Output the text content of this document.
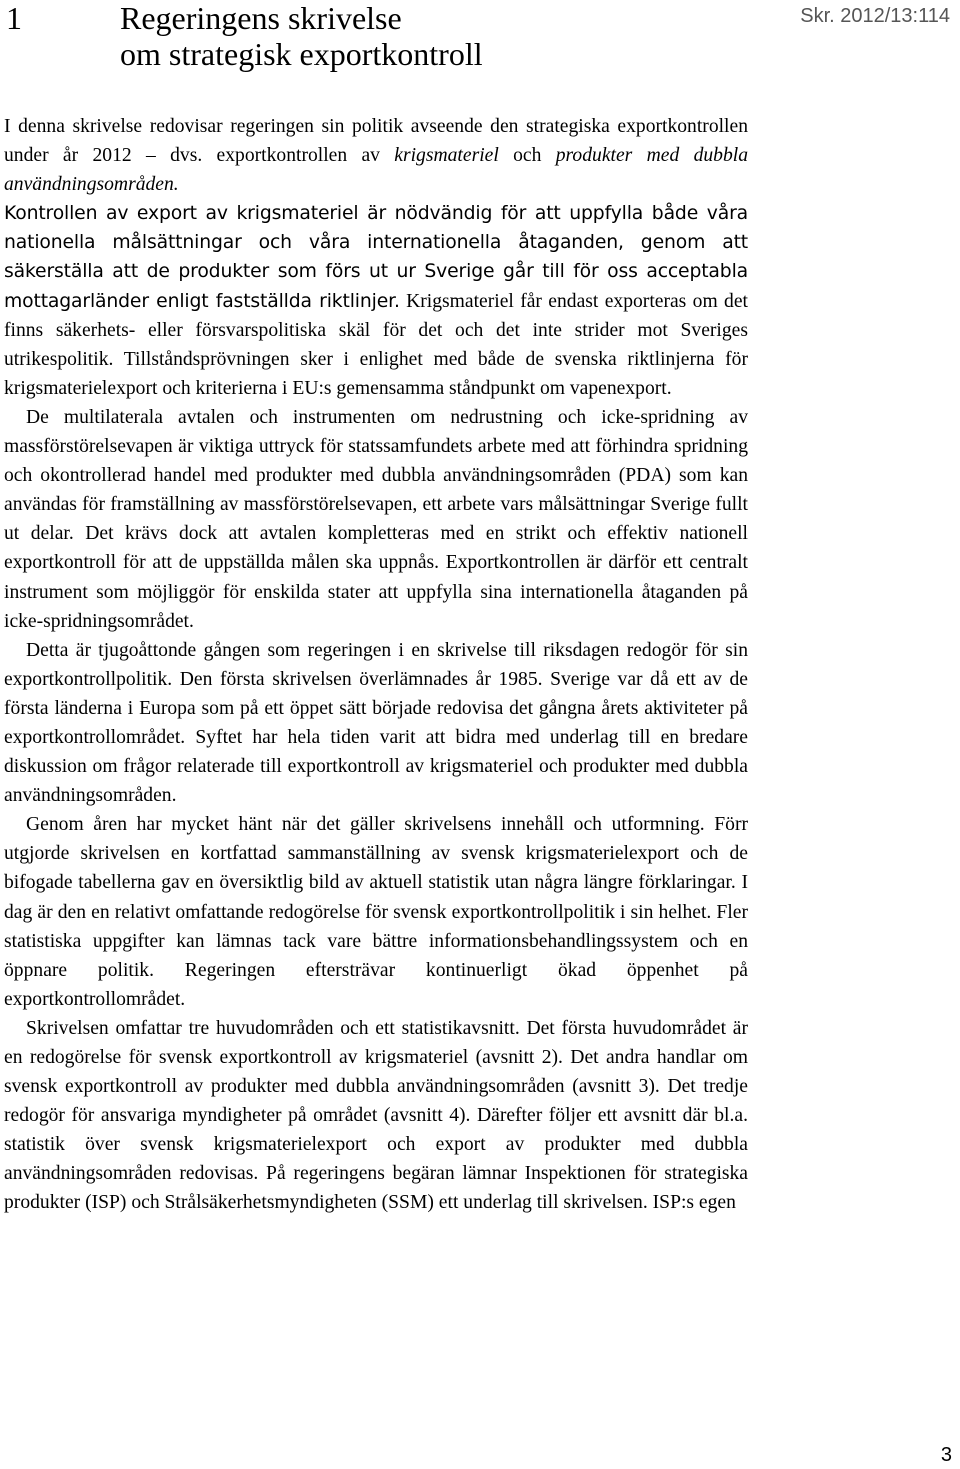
1	Regeringens skrivelse
om strategisk exportkontroll
Skr. 2012/13:114

I denna skrivelse redovisar regeringen sin politik avseende den strategiska exportkontrollen under år 2012 – dvs. exportkontrollen av krigsmateriel och produkter med dubbla användningsområden.

Kontrollen av export av krigsmateriel är nödvändig för att uppfylla både våra nationella målsättningar och våra internationella åtaganden, genom att säkerställa att de produkter som förs ut ur Sverige går till för oss acceptabla mottagarländer enligt fastställda riktlinjer. Krigsmateriel får endast exporteras om det finns säkerhets- eller försvarspolitiska skäl för det och det inte strider mot Sveriges utrikespolitik. Tillståndsprövningen sker i enlighet med både de svenska riktlinjerna för krigsmaterielexport och kriterierna i EU:s gemensamma ståndpunkt om vapenexport.

De multilaterala avtalen och instrumenten om nedrustning och icke-spridning av massförstörelsevapen är viktiga uttryck för statssamfundets arbete med att förhindra spridning och okontrollerad handel med produkter med dubbla användningsområden (PDA) som kan användas för framställning av massförstörelsevapen, ett arbete vars målsättningar Sverige fullt ut delar. Det krävs dock att avtalen kompletteras med en strikt och effektiv nationell exportkontroll för att de uppställda målen ska uppnås. Exportkontrollen är därför ett centralt instrument som möjliggör för enskilda stater att uppfylla sina internationella åtaganden på icke-spridningsområdet.

Detta är tjugoåttonde gången som regeringen i en skrivelse till riksdagen redogör för sin exportkontrollpolitik. Den första skrivelsen överlämnades år 1985. Sverige var då ett av de första länderna i Europa som på ett öppet sätt började redovisa det gångna årets aktiviteter på exportkontrollområdet. Syftet har hela tiden varit att bidra med underlag till en bredare diskussion om frågor relaterade till exportkontroll av krigsmateriel och produkter med dubbla användningsområden.

Genom åren har mycket hänt när det gäller skrivelsens innehåll och utformning. Förr utgjorde skrivelsen en kortfattad sammanställning av svensk krigsmaterielexport och de bifogade tabellerna gav en översiktlig bild av aktuell statistik utan några längre förklaringar. I dag är den en relativt omfattande redogörelse för svensk exportkontrollpolitik i sin helhet. Fler statistiska uppgifter kan lämnas tack vare bättre informationsbehandlingssystem och en öppnare politik. Regeringen eftersträvar kontinuerligt ökad öppenhet på exportkontrollområdet.

Skrivelsen omfattar tre huvudområden och ett statistikavsnitt. Det första huvudområdet är en redogörelse för svensk exportkontroll av krigsmateriel (avsnitt 2). Det andra handlar om svensk exportkontroll av produkter med dubbla användningsområden (avsnitt 3). Det tredje redogör för ansvariga myndigheter på området (avsnitt 4). Därefter följer ett avsnitt där bl.a. statistik över svensk krigsmaterielexport och export av produkter med dubbla användningsområden redovisas. På regeringens begäran lämnar Inspektionen för strategiska produkter (ISP) och Strålsäkerhetsmyndigheten (SSM) ett underlag till skrivelsen. ISP:s egen

3
